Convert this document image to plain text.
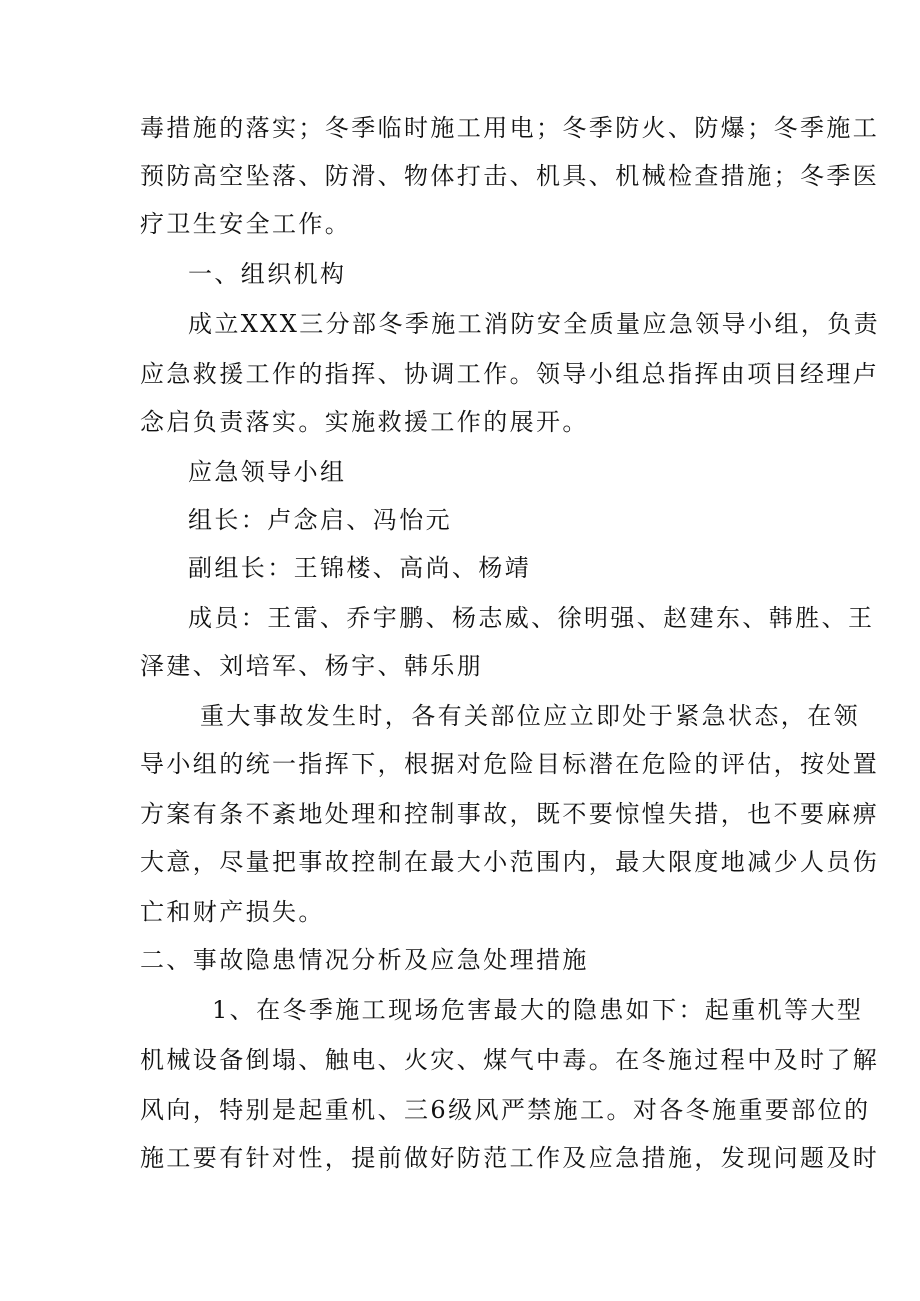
毒措施的落实；冬季临时施工用电；冬季防火、防爆；冬季施工
预防高空坠落、防滑、物体打击、机具、机械检查措施；冬季医
疗卫生安全工作。
一、组织机构
成立XXX三分部冬季施工消防安全质量应急领导小组，负责
应急救援工作的指挥、协调工作。领导小组总指挥由项目经理卢
念启负责落实。实施救援工作的展开。
应急领导小组
组长：卢念启、冯怡元
副组长：王锦楼、高尚、杨靖
成员：王雷、乔宇鹏、杨志威、徐明强、赵建东、韩胜、王
泽建、刘培军、杨宇、韩乐朋
重大事故发生时，各有关部位应立即处于紧急状态，在领
导小组的统一指挥下，根据对危险目标潜在危险的评估，按处置
方案有条不紊地处理和控制事故，既不要惊惶失措，也不要麻痹
大意，尽量把事故控制在最大小范围内，最大限度地减少人员伤
亡和财产损失。
二、事故隐患情况分析及应急处理措施
1、在冬季施工现场危害最大的隐患如下：起重机等大型
机械设备倒塌、触电、火灾、煤气中毒。在冬施过程中及时了解
风向，特别是起重机、三6级风严禁施工。对各冬施重要部位的
施工要有针对性，提前做好防范工作及应急措施，发现问题及时
